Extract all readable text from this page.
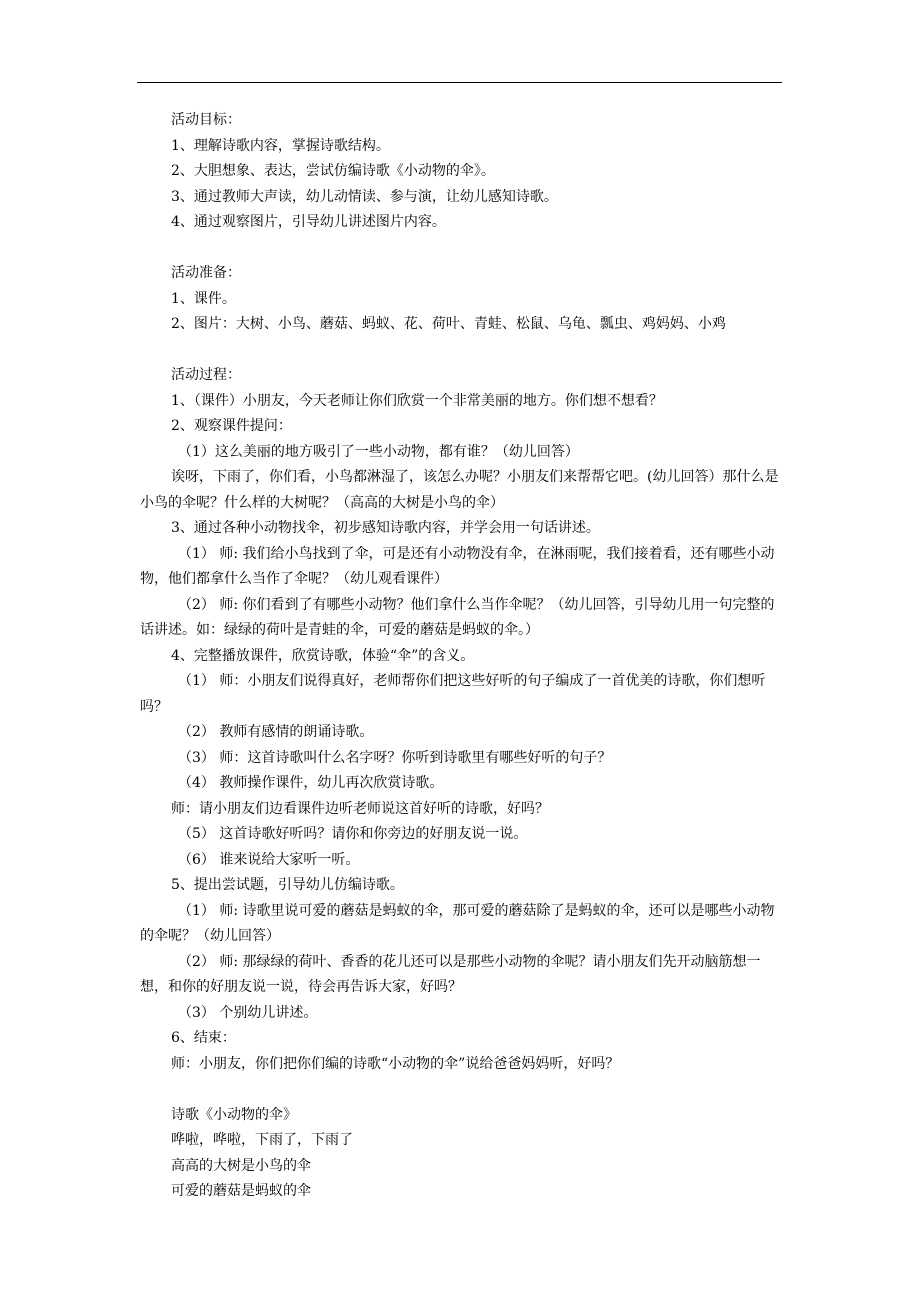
活动目标：

1、理解诗歌内容，掌握诗歌结构。

2、大胆想象、表达，尝试仿编诗歌《小动物的伞》。

3、通过教师大声读，幼儿动情读、参与演，让幼儿感知诗歌。

4、通过观察图片，引导幼儿讲述图片内容。

活动准备：

1、课件。

2、图片：大树、小鸟、蘑菇、蚂蚁、花、荷叶、青蛙、松鼠、乌龟、瓢虫、鸡妈妈、小鸡

活动过程：

1、（课件）小朋友，今天老师让你们欣赏一个非常美丽的地方。你们想不想看？

2、观察课件提问：

（1）这么美丽的地方吸引了一些小动物，都有谁？（幼儿回答）

诶呀，下雨了，你们看，小鸟都淋湿了，该怎么办呢？小朋友们来帮帮它吧。(幼儿回答）那什么是小鸟的伞呢？什么样的大树呢？（高高的大树是小鸟的伞）

3、通过各种小动物找伞，初步感知诗歌内容，并学会用一句话讲述。

（1） 师: 我们给小鸟找到了伞，可是还有小动物没有伞，在淋雨呢，我们接着看，还有哪些小动物，他们都拿什么当作了伞呢？（幼儿观看课件）

（2） 师: 你们看到了有哪些小动物？他们拿什么当作伞呢？（幼儿回答，引导幼儿用一句完整的话讲述。如：绿绿的荷叶是青蛙的伞，可爱的蘑菇是蚂蚁的伞。）

4、完整播放课件，欣赏诗歌，体验“伞”的含义。

（1） 师：小朋友们说得真好，老师帮你们把这些好听的句子编成了一首优美的诗歌，你们想听吗？

（2） 教师有感情的朗诵诗歌。

（3） 师：这首诗歌叫什么名字呀？你听到诗歌里有哪些好听的句子？

（4） 教师操作课件，幼儿再次欣赏诗歌。

师：请小朋友们边看课件边听老师说这首好听的诗歌，好吗？

（5） 这首诗歌好听吗？请你和你旁边的好朋友说一说。

（6） 谁来说给大家听一听。

5、提出尝试题，引导幼儿仿编诗歌。

（1） 师: 诗歌里说可爱的蘑菇是蚂蚁的伞，那可爱的蘑菇除了是蚂蚁的伞，还可以是哪些小动物的伞呢？（幼儿回答）

（2） 师: 那绿绿的荷叶、香香的花儿还可以是那些小动物的伞呢？请小朋友们先开动脑筋想一想，和你的好朋友说一说，待会再告诉大家，好吗？

（3） 个别幼儿讲述。

6、结束：

师：小朋友，你们把你们编的诗歌“小动物的伞”说给爸爸妈妈听，好吗？

诗歌《小动物的伞》

哗啦，哗啦，下雨了，下雨了

高高的大树是小鸟的伞

可爱的蘑菇是蚂蚁的伞
